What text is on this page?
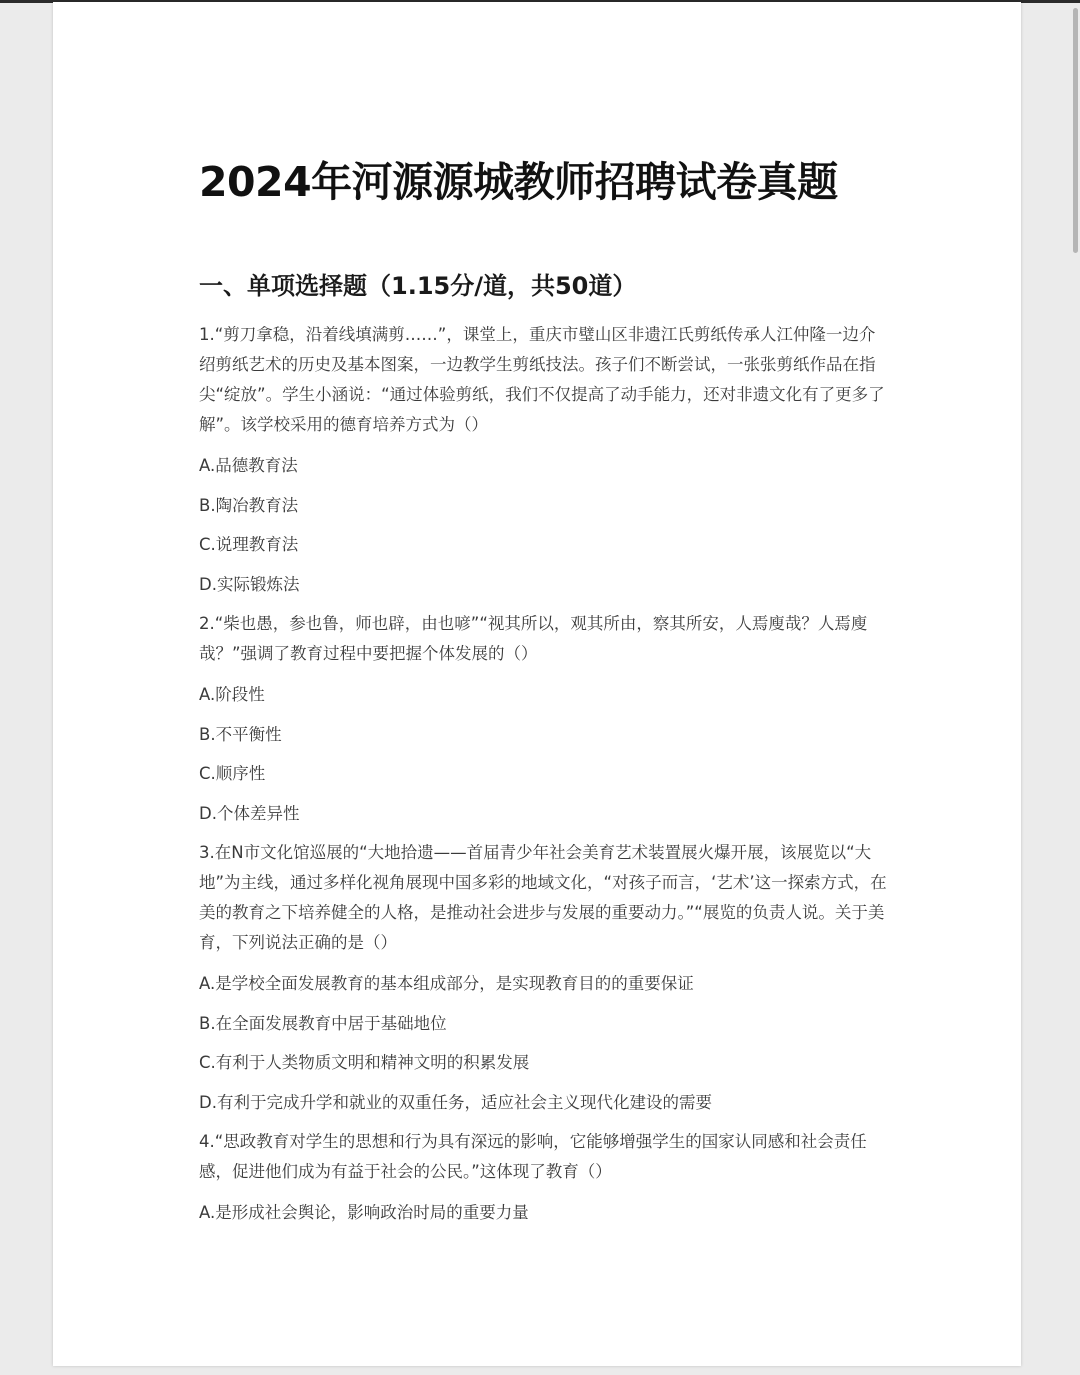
2024年河源源城教师招聘试卷真题
一、单项选择题（1.15分/道，共50道）

1.“剪刀拿稳，沿着线填满剪……”，课堂上，重庆市璧山区非遗江氏剪纸传承人江仲隆一边介绍剪纸艺术的历史及基本图案，一边教学生剪纸技法。孩子们不断尝试，一张张剪纸作品在指尖“绽放”。学生小涵说：“通过体验剪纸，我们不仅提高了动手能力，还对非遗文化有了更多了解”。该学校采用的德育培养方式为（）

A.品德教育法
B.陶冶教育法
C.说理教育法
D.实际锻炼法

2.“柴也愚，参也鲁，师也辟，由也喭”“视其所以，观其所由，察其所安，人焉廋哉？人焉廋哉？”强调了教育过程中要把握个体发展的（）

A.阶段性
B.不平衡性
C.顺序性
D.个体差异性

3.在N市文化馆巡展的“大地拾遗——首届青少年社会美育艺术装置展火爆开展，该展览以“大地”为主线，通过多样化视角展现中国多彩的地域文化，“对孩子而言，‘艺术’这一探索方式，在美的教育之下培养健全的人格，是推动社会进步与发展的重要动力。”“展览的负责人说。关于美育，下列说法正确的是（）

A.是学校全面发展教育的基本组成部分，是实现教育目的的重要保证
B.在全面发展教育中居于基础地位
C.有利于人类物质文明和精神文明的积累发展
D.有利于完成升学和就业的双重任务，适应社会主义现代化建设的需要

4.“思政教育对学生的思想和行为具有深远的影响，它能够增强学生的国家认同感和社会责任感，促进他们成为有益于社会的公民。”这体现了教育（）

A.是形成社会舆论，影响政治时局的重要力量
